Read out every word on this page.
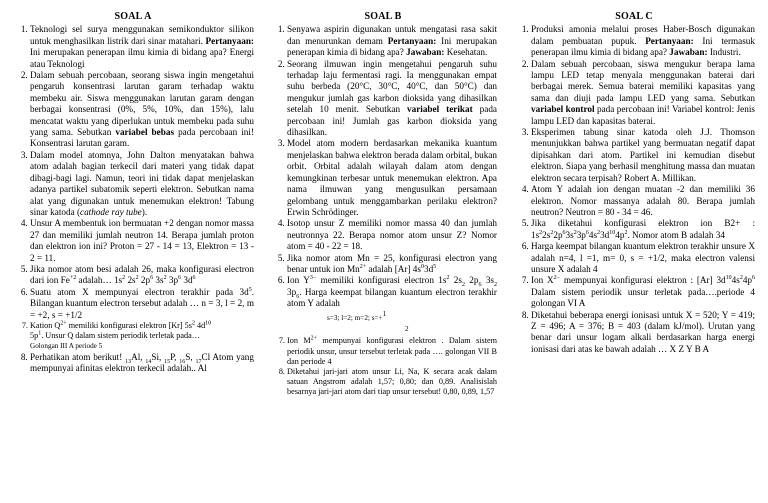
SOAL A
1. Teknologi sel surya menggunakan semikonduktor silikon untuk menghasilkan listrik dari sinar matahari. Pertanyaan: Ini merupakan penerapan ilmu kimia di bidang apa? Energi atau Teknologi
2. Dalam sebuah percobaan, seorang siswa ingin mengetahui pengaruh konsentrasi larutan garam terhadap waktu membeku air. Siswa menggunakan larutan garam dengan berbagai konsentrasi (0%, 5%, 10%, dan 15%), lalu mencatat waktu yang diperlukan untuk membeku pada suhu yang sama. Sebutkan variabel bebas pada percobaan ini! Konsentrasi larutan garam.
3. Dalam model atomnya, John Dalton menyatakan bahwa atom adalah bagian terkecil dari materi yang tidak dapat dibagi-bagi lagi. Namun, teori ini tidak dapat menjelaskan adanya partikel subatomik seperti elektron. Sebutkan nama alat yang digunakan untuk menemukan elektron! Tabung sinar katoda (cathode ray tube).
4. Unsur A membentuk ion bermuatan +2 dengan nomor massa 27 dan memiliki jumlah neutron 14. Berapa jumlah proton dan elektron ion ini? Proton = 27 - 14 = 13, Elektron = 13 - 2 = 11.
5. Jika nomor atom besi adalah 26, maka konfigurasi electron dari ion $Fe^{+2}$ adalah… $1s^2$ $2s^2$ $2p^6$ $3s^2$ $3p^6$ $3d^6$
6. Suatu atom X mempunyai electron terakhir pada $3d^5$. Bilangan kuantum electron tersebut adalah … n = 3, l = 2, m = +2, s = +1/2
7. Kation $Q^{2+}$ memiliki konfigurasi elektron [Kr] $5s^2$ $4d^{10}$
$5p^1$. Unsur Q dalam sistem periodik terletak pada…
Golongan III A periode 5
8. Perhatikan atom berikut! $_{13}$Al, $_{14}$Si, $_{15}$P, $_{16}$S, $_{17}$Cl Atom yang mempunyai afinitas elektron terkecil adalah.. Al
SOAL B
1. Senyawa aspirin digunakan untuk mengatasi rasa sakit dan menurunkan demam Pertanyaan: Ini merupakan penerapan kimia di bidang apa? Jawaban: Kesehatan.
2. Seorang ilmuwan ingin mengetahui pengaruh suhu terhadap laju fermentasi ragi. Ia menggunakan empat suhu berbeda (20°C, 30°C, 40°C, dan 50°C) dan mengukur jumlah gas karbon dioksida yang dihasilkan setelah 10 menit. Sebutkan variabel terikat pada percobaan ini! Jumlah gas karbon dioksida yang dihasilkan.
3. Model atom modern berdasarkan mekanika kuantum menjelaskan bahwa elektron berada dalam orbital, bukan orbit. Orbital adalah wilayah dalam atom dengan kemungkinan terbesar untuk menemukan elektron. Apa nama ilmuwan yang mengusulkan persamaan gelombang untuk menggambarkan perilaku elektron? Erwin Schrödinger.
4. Isotop unsur Z memiliki nomor massa 40 dan jumlah neutronnya 22. Berapa nomor atom unsur Z? Nomor atom = 40 - 22 = 18.
5. Jika nomor atom Mn = 25, konfigurasi electron yang benar untuk ion $Mn^{2+}$ adalah [Ar] $4s^03d^5$
6. Ion $Y^{3-}$ memiliki konfigurasi electron $1s^2$ $2s_2$ $2p_6$ $3s_2$ $3p_6$. Harga keempat bilangan kuantum electron terakhir atom Y adalah
s=3; l=2; m=2; s=+$^1$
2
7. Ion $M^{2+}$ mempunyai konfigurasi elektron . Dalam sistem periodik unsur, unsur tersebut terletak pada …. golongan VII B dan periode 4
8. Diketahui jari-jari atom unsur Li, Na, K secara acak dalam satuan Angstrom adalah 1,57; 0,80; dan 0,89. Analisislah besarnya jari-jari atom dari tiap unsur tersebut! 0,80, 0,89, 1,57
SOAL C
1. Produksi amonia melalui proses Haber-Bosch digunakan dalam pembuatan pupuk. Pertanyaan: Ini termasuk penerapan ilmu kimia di bidang apa? Jawaban: Industri.
2. Dalam sebuah percobaan, siswa mengukur berapa lama lampu LED tetap menyala menggunakan baterai dari berbagai merek. Semua baterai memiliki kapasitas yang sama dan diuji pada lampu LED yang sama. Sebutkan variabel kontrol pada percobaan ini! Variabel kontrol: Jenis lampu LED dan kapasitas baterai.
3. Eksperimen tabung sinar katoda oleh J.J. Thomson menunjukkan bahwa partikel yang bermuatan negatif dapat dipisahkan dari atom. Partikel ini kemudian disebut elektron. Siapa yang berhasil menghitung massa dan muatan elektron secara terpisah? Robert A. Millikan.
4. Atom Y adalah ion dengan muatan -2 dan memiliki 36 elektron. Nomor massanya adalah 80. Berapa jumlah neutron? Neutron = 80 - 34 = 46.
5. Jika diketahui konfigurasi elektron ion B2+ : $1s^22s^22p^63s^23p^64s^23d^{10}4p^2$. Nomor atom B adalah 34
6. Harga keempat bilangan kuantum elektron terakhir unsure X adalah n=4, l =1, m= 0, s = +1/2, maka electron valensi unsure X adalah 4
7. Ion $X^{2-}$ mempunyai konfigurasi elektron : [Ar] $3d^{10}4s^24p^6$ Dalam sistem periodik unsur terletak pada….periode 4 golongan VI A
8. Diketahui beberapa energi ionisasi untuk X = 520; Y = 419; Z = 496; A = 376; B = 403 (dalam kJ/mol). Urutan yang benar dari unsur logam alkali berdasarkan harga energi ionisasi dari atas ke bawah adalah … X Z Y B A
